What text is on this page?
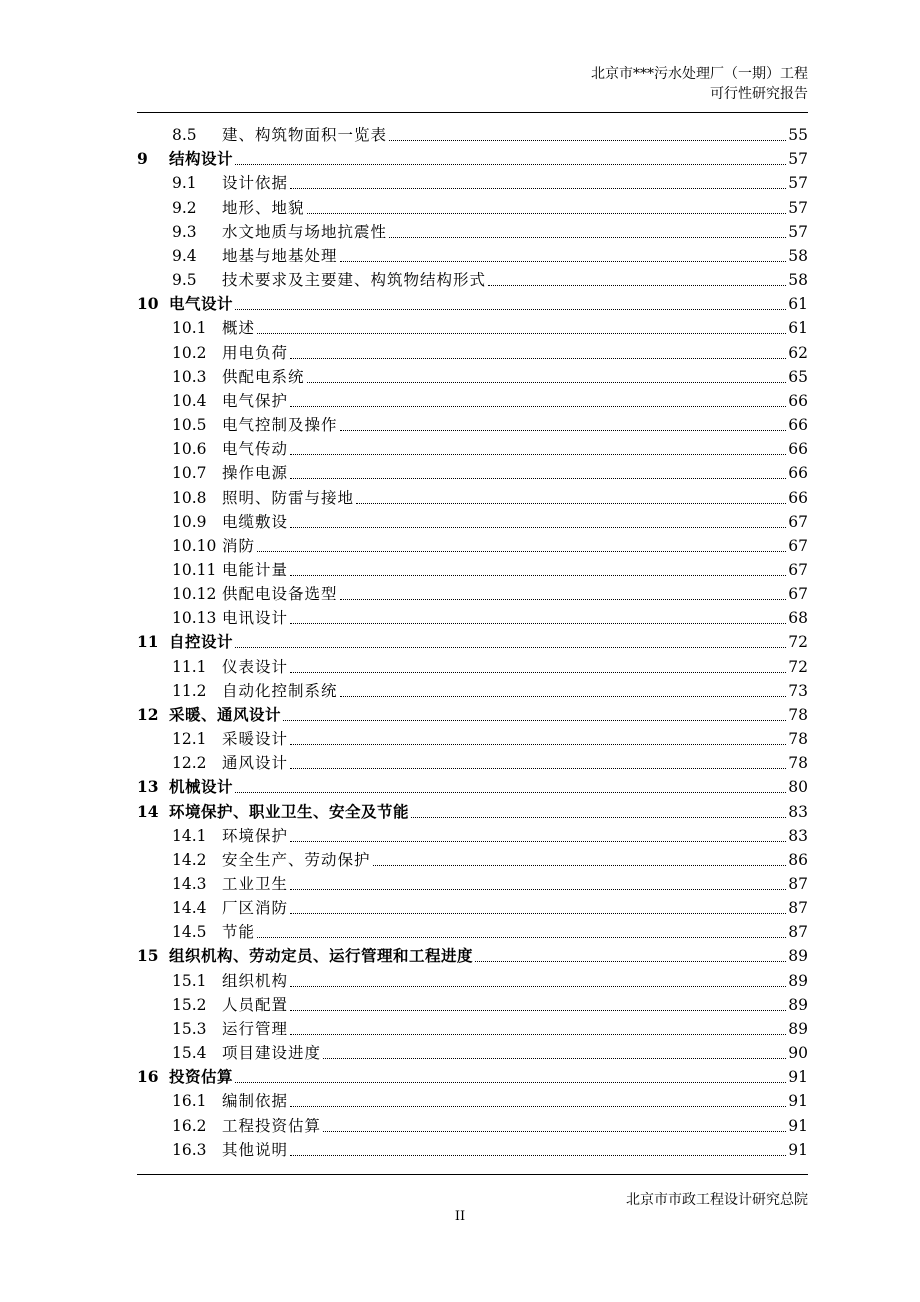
北京市***污水处理厂（一期）工程
可行性研究报告
8.5	建、构筑物面积一览表	55
9	结构设计	57
9.1	设计依据	57
9.2	地形、地貌	57
9.3	水文地质与场地抗震性	57
9.4	地基与地基处理	58
9.5	技术要求及主要建、构筑物结构形式	58
10 电气设计	61
10.1 概述	61
10.2 用电负荷	62
10.3 供配电系统	65
10.4 电气保护	66
10.5 电气控制及操作	66
10.6 电气传动	66
10.7 操作电源	66
10.8 照明、防雷与接地	66
10.9 电缆敷设	67
10.10 消防	67
10.11 电能计量	67
10.12 供配电设备选型	67
10.13 电讯设计	68
11 自控设计	72
11.1 仪表设计	72
11.2 自动化控制系统	73
12 采暖、通风设计	78
12.1 采暖设计	78
12.2 通风设计	78
13 机械设计	80
14 环境保护、职业卫生、安全及节能	83
14.1 环境保护	83
14.2 安全生产、劳动保护	86
14.3 工业卫生	87
14.4 厂区消防	87
14.5 节能	87
15 组织机构、劳动定员、运行管理和工程进度	89
15.1 组织机构	89
15.2 人员配置	89
15.3 运行管理	89
15.4 项目建设进度	90
16 投资估算	91
16.1 编制依据	91
16.2 工程投资估算	91
16.3 其他说明	91
北京市市政工程设计研究总院
II
